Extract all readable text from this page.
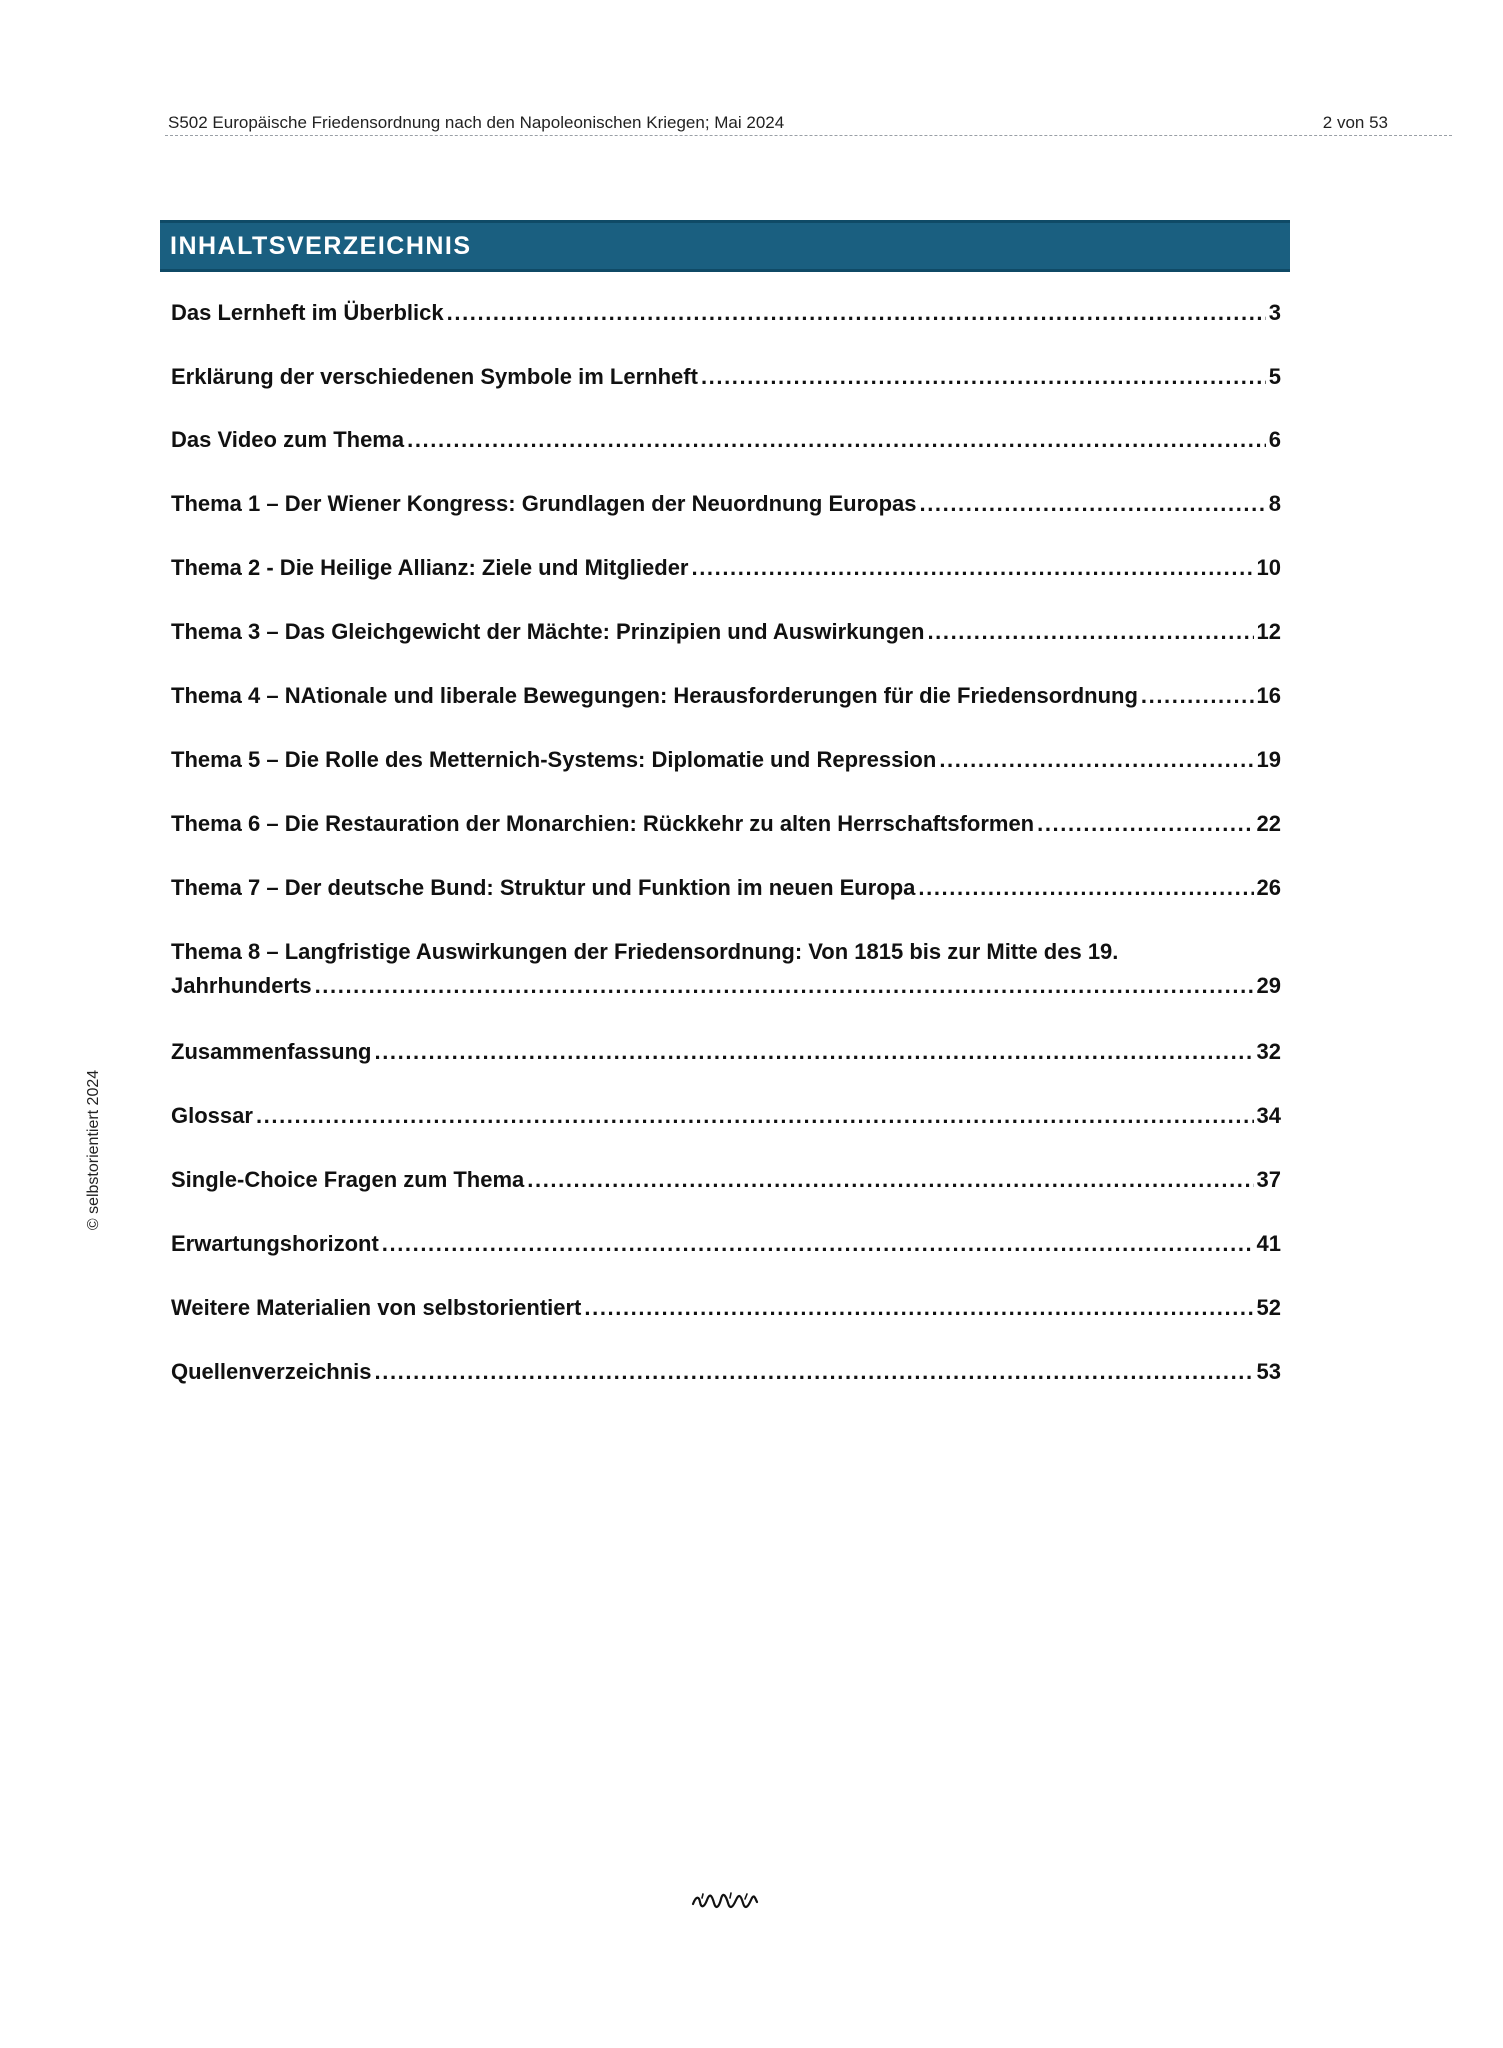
S502 Europäische Friedensordnung nach den Napoleonischen Kriegen; Mai 2024	2 von 53
INHALTSVERZEICHNIS
Das Lernheft im Überblick .....	3
Erklärung der verschiedenen Symbole im Lernheft .....	5
Das Video zum Thema .....	6
Thema 1 – Der Wiener Kongress: Grundlagen der Neuordnung Europas .....	8
Thema 2 - Die Heilige Allianz: Ziele und Mitglieder .....	10
Thema 3 – Das Gleichgewicht der Mächte: Prinzipien und Auswirkungen .....	12
Thema 4 – NAtionale und liberale Bewegungen: Herausforderungen für die Friedensordnung .....	16
Thema 5 – Die Rolle des Metternich-Systems: Diplomatie und Repression .....	19
Thema 6 – Die Restauration der Monarchien: Rückkehr zu alten Herrschaftsformen .....	22
Thema 7 – Der deutsche Bund: Struktur und Funktion im neuen Europa .....	26
Thema 8 – Langfristige Auswirkungen der Friedensordnung: Von 1815 bis zur Mitte des 19.
Jahrhunderts .....	29
Zusammenfassung .....	32
Glossar .....	34
Single-Choice Fragen zum Thema .....	37
Erwartungshorizont .....	41
Weitere Materialien von selbstorientiert .....	52
Quellenverzeichnis .....	53
© selbstorientiert 2024
